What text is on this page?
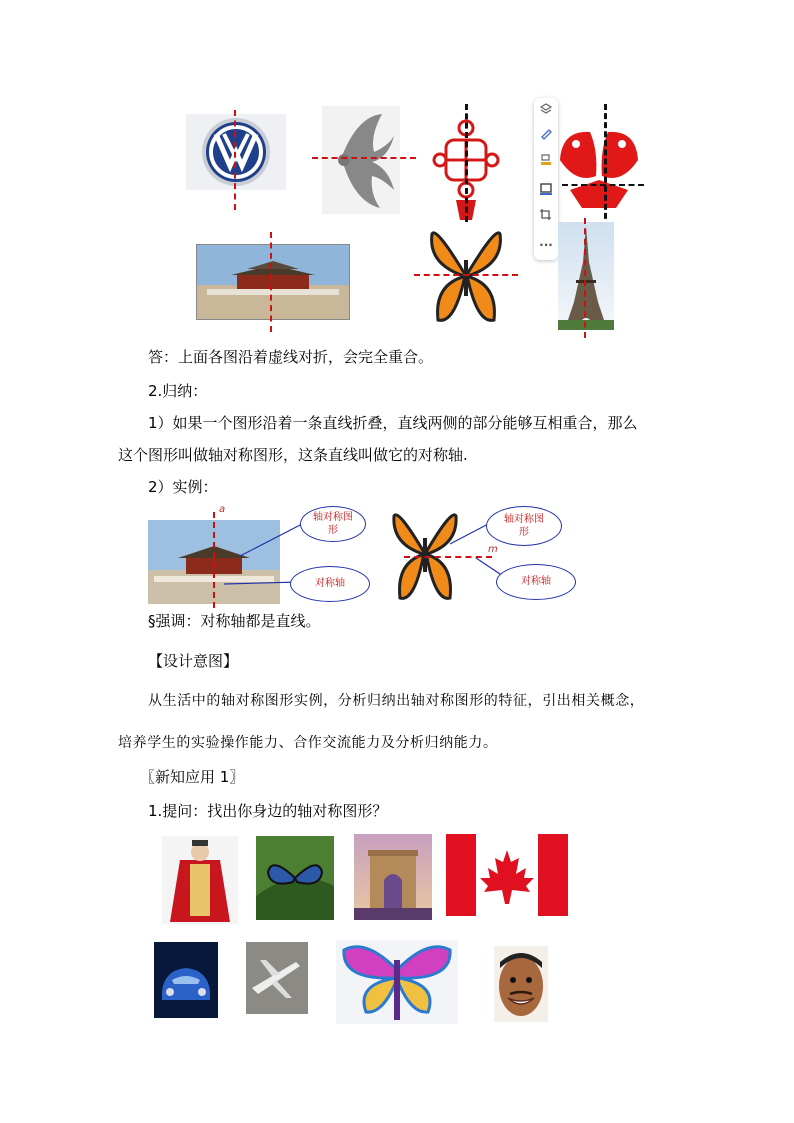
···
答：上面各图沿着虚线对折，会完全重合。
2.归纳：
1）如果一个图形沿着一条直线折叠，直线两侧的部分能够互相重合，那么
这个图形叫做轴对称图形，这条直线叫做它的对称轴.
2）实例：
a
轴对称图
形
对称轴
m
轴对称图
形
对称轴
§强调：对称轴都是直线。
【设计意图】
从生活中的轴对称图形实例，分析归纳出轴对称图形的特征，引出相关概念，
培养学生的实验操作能力、合作交流能力及分析归纳能力。
〖新知应用 1〗
1.提问：找出你身边的轴对称图形？
